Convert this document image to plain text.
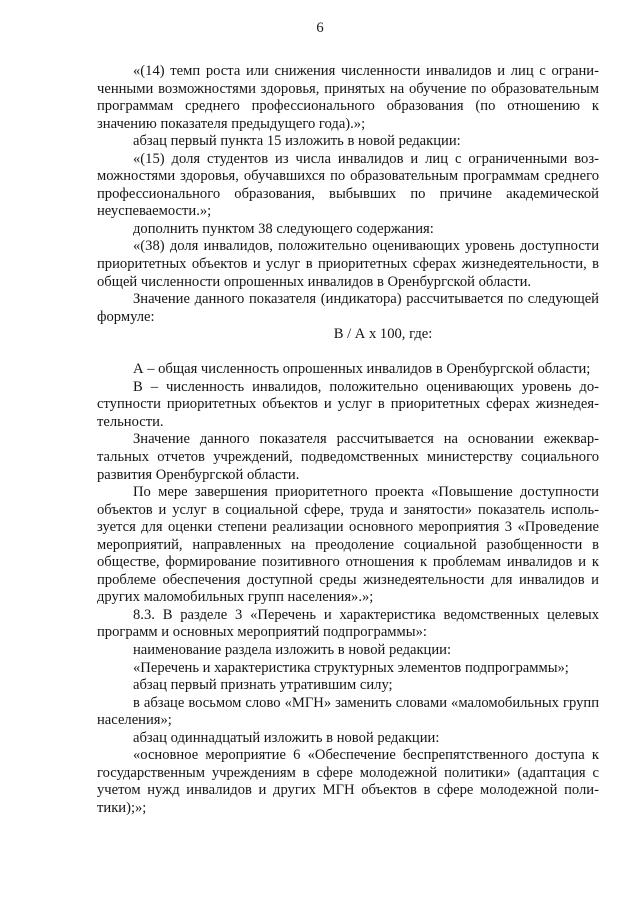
6

«(14) темп роста или снижения численности инвалидов и лиц с ограниченными возможностями здоровья, принятых на обучение по образовательным программам среднего профессионального образования (по отношению к значению показателя предыдущего года).»;

абзац первый пункта 15 изложить в новой редакции:

«(15) доля студентов из числа инвалидов и лиц с ограниченными возможностями здоровья, обучавшихся по образовательным программам среднего профессионального образования, выбывших по причине академической неуспеваемости.»;

дополнить пунктом 38 следующего содержания:

«(38) доля инвалидов, положительно оценивающих уровень доступности приоритетных объектов и услуг в приоритетных сферах жизнедеятельности, в общей численности опрошенных инвалидов в Оренбургской области.

Значение данного показателя (индикатора) рассчитывается по следующей формуле:

В / А х 100, где:

А – общая численность опрошенных инвалидов в Оренбургской области;

В – численность инвалидов, положительно оценивающих уровень доступности приоритетных объектов и услуг в приоритетных сферах жизнедеятельности.

Значение данного показателя рассчитывается на основании ежеквартальных отчетов учреждений, подведомственных министерству социального развития Оренбургской области.

По мере завершения приоритетного проекта «Повышение доступности объектов и услуг в социальной сфере, труда и занятости» показатель используется для оценки степени реализации основного мероприятия 3 «Проведение мероприятий, направленных на преодоление социальной разобщенности в обществе, формирование позитивного отношения к проблемам инвалидов и к проблеме обеспечения доступной среды жизнедеятельности для инвалидов и других маломобильных групп населения».»;

8.3. В разделе 3 «Перечень и характеристика ведомственных целевых программ и основных мероприятий подпрограммы»:

наименование раздела изложить в новой редакции:

«Перечень и характеристика структурных элементов подпрограммы»;

абзац первый признать утратившим силу;

в абзаце восьмом слово «МГН» заменить словами «маломобильных групп населения»;

абзац одиннадцатый изложить в новой редакции:

«основное мероприятие 6 «Обеспечение беспрепятственного доступа к государственным учреждениям в сфере молодежной политики» (адаптация с учетом нужд инвалидов и других МГН объектов в сфере молодежной политики);»;
